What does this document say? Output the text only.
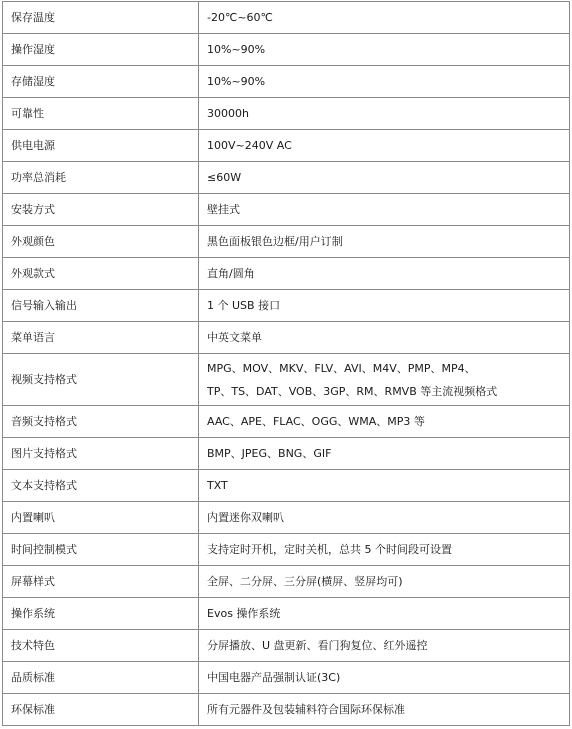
保存温度	-20℃~60℃
操作湿度	10%~90%
存储湿度	10%~90%
可靠性	30000h
供电电源	100V~240V AC
功率总消耗	≤60W
安装方式	壁挂式
外观颜色	黑色面板银色边框/用户订制
外观款式	直角/圆角
信号输入输出	1 个 USB 接口
菜单语言	中英文菜单
视频支持格式	MPG、MOV、MKV、FLV、AVI、M4V、PMP、MP4、
TP、TS、DAT、VOB、3GP、RM、RMVB 等主流视频格式

音频支持格式	AAC、APE、FLAC、OGG、WMA、MP3 等
图片支持格式	BMP、JPEG、BNG、GIF
文本支持格式	TXT
内置喇叭	内置迷你双喇叭
时间控制模式	支持定时开机，定时关机，总共 5 个时间段可设置
屏幕样式	全屏、二分屏、三分屏(横屏、竖屏均可)
操作系统	Evos 操作系统
技术特色	分屏播放、U 盘更新、看门狗复位、红外遥控
品质标准	中国电器产品强制认证(3C)
环保标准	所有元器件及包装辅料符合国际环保标准
